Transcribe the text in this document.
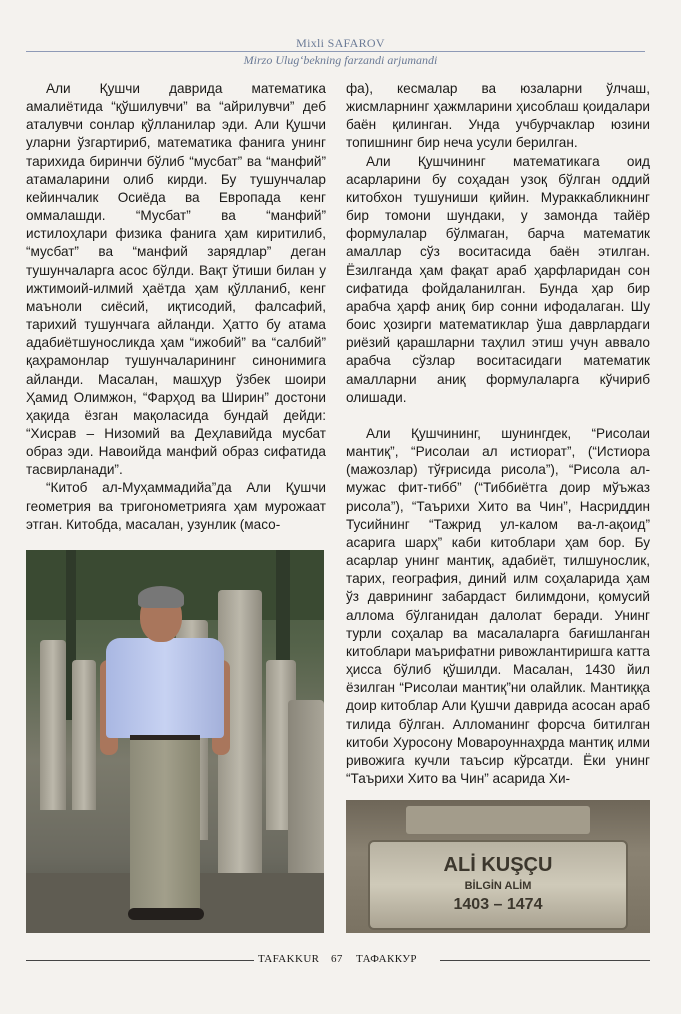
Mixli SAFAROV
Mirzo Ulug‘bekning farzandi arjumandi

Али Қушчи даврида математика амалиётида “қўшилувчи” ва “айрилувчи” деб аталувчи сонлар қўлланилар эди. Али Қушчи уларни ўзгартириб, математика фанига унинг тарихида биринчи бўлиб “мусбат” ва “манфий” атамаларини олиб кирди. Бу тушунчалар кейинчалик Осиёда ва Европада кенг оммалашди. “Мусбат” ва “манфий” истилоҳлари физика фанига ҳам киритилиб, “мусбат” ва “манфий зарядлар” деган тушунчаларга асос бўлди. Вақт ўтиши билан у ижтимоий-илмий ҳаётда ҳам қўлланиб, кенг маънoли сиёсий, иқтисодий, фалсафий, тарихий тушунчага айланди. Ҳатто бу атама адабиётшуносликда ҳам “ижобий” ва “салбий” қаҳрамонлар тушунчаларининг синонимига айланди. Масалан, машҳур ўзбек шоири Ҳамид Олимжон, “Фарҳод ва Ширин” достони ҳақида ёзган мақоласида бундай дейди: “Хисрав – Низомий ва Деҳлавийда мусбат образ эди. Навоийда манфий образ сифатида тасвирланади”.

“Китоб ал-Муҳаммадийа”да Али Қушчи геометрия ва тригонометрияга ҳам мурожаат этган. Китобда, масалан, узунлик (масо-

фа), кесмалар ва юзаларни ўлчаш, жисмларнинг ҳажмларини ҳисоблаш қоидалари баён қилинган. Унда учбурчаклар юзини топишнинг бир неча усули берилган.

Али Қушчининг математикага оид асарларини бу соҳадан узоқ бўлган оддий китобхон тушуниши қийин. Мураккабликнинг бир томони шундаки, у замонда тайёр формулалар бўлмаган, барча математик амаллар сўз воситасида баён этилган. Ёзилганда ҳам фақат араб ҳарфларидан сон сифатида фойдаланилган. Бунда ҳар бир арабча ҳарф аниқ бир сонни ифодалаган. Шу боис ҳозирги математиклар ўша даврлардаги риёзий қарашларни таҳлил этиш учун аввало арабча сўзлар воситасидаги математик амалларни аниқ формулаларга кўчириб олишади.

Али Қушчининг, шунингдек, “Рисолаи мантиқ”, “Рисолаи ал истиорат”, (“Истиора (мажозлар) тўғрисида рисола”), “Рисола ал-мужас фит-тибб” (“Тиббиётга доир мўъжаз рисола”), “Таърихи Хито ва Чин”, Насриддин Тусийнинг “Тажрид ул-калом ва-л-ақоид” асарига шарҳ” каби китоблари ҳам бор. Бу асарлар унинг мантиқ, адабиёт, тилшунослик, тарих, география, диний илм соҳаларида ҳам ўз даврининг забардаст билимдони, қомусий аллома бўлганидан далолат беради. Унинг турли соҳалар ва масалаларга бағишланган китоблари маърифатни ривожлантиришга катта ҳисса бўлиб қўшилди. Масалан, 1430 йил ёзилган “Рисолаи мантиқ”ни олайлик. Мантиққа доир китоблар Али Қушчи даврида асосан араб тилида бўлган. Алломанинг форсча битилган китоби Хуросону Мовароуннаҳрда мантиқ илми ривожига кучли таъсир кўрсатди. Ёки унинг “Таърихи Хито ва Чин” асарида Хи-

ALİ KUŞÇU
BİLGİN ALİM
1403 – 1474
TAFAKKUR 67 ТАФАККУР
